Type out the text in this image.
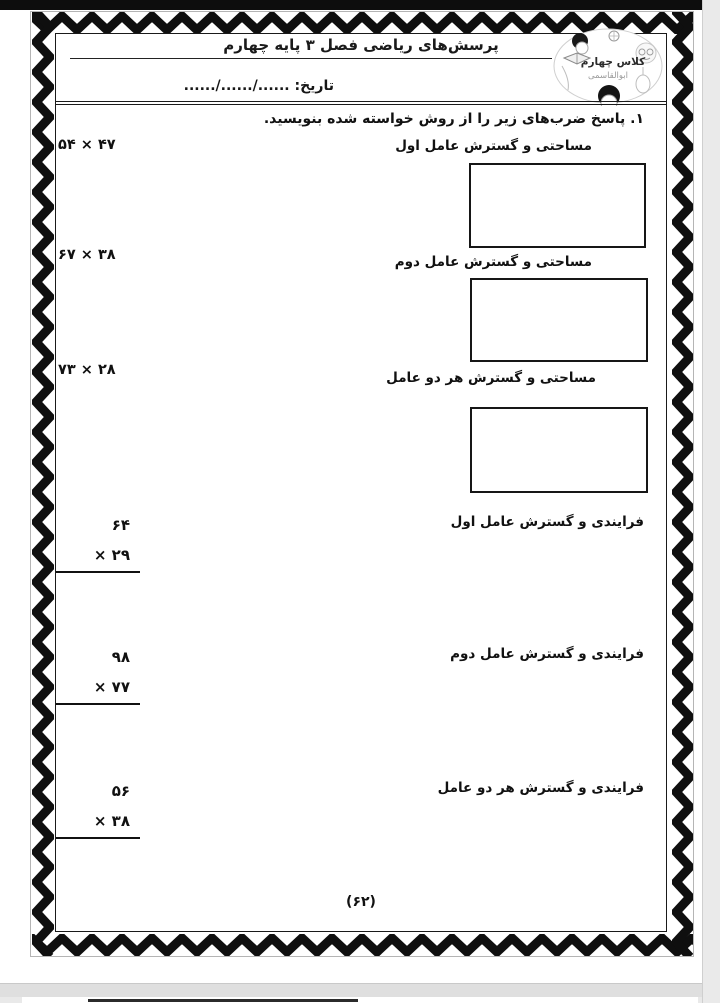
پرسش‌های ریاضی فصل ۳ پایه چهارم
کلاس چهارم
ابوالقاسمی
تاریخ: ....../....../......
۱. پاسخ ضرب‌های زیر را از روش خواسته شده بنویسید.
مساحتی و گسترش عامل اول
۵۴ × ۴۷
مساحتی و گسترش عامل دوم
۶۷ × ۳۸
مساحتی و گسترش هر دو عامل
۷۳ × ۲۸
فرایندی و گسترش عامل اول
۶۴
× ۲۹
فرایندی و گسترش عامل دوم
۹۸
× ۷۷
فرایندی و گسترش هر دو عامل
۵۶
× ۳۸
(۶۲)
